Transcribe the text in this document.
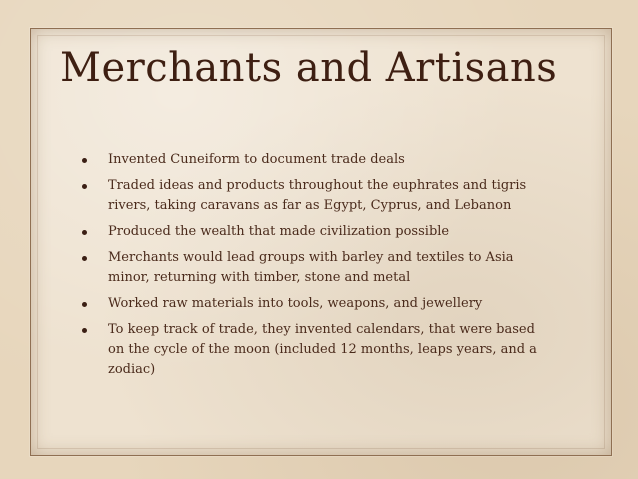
Merchants and Artisans
Invented Cuneiform to document trade deals
Traded ideas and products throughout the euphrates and tigris rivers, taking caravans as far as Egypt, Cyprus, and Lebanon
Produced the wealth that made civilization possible
Merchants would lead groups with barley and textiles to Asia minor, returning with timber, stone and metal
Worked raw materials into tools, weapons, and jewellery
To keep track of trade, they invented calendars, that were based on the cycle of the moon (included 12 months, leaps years, and a zodiac)
